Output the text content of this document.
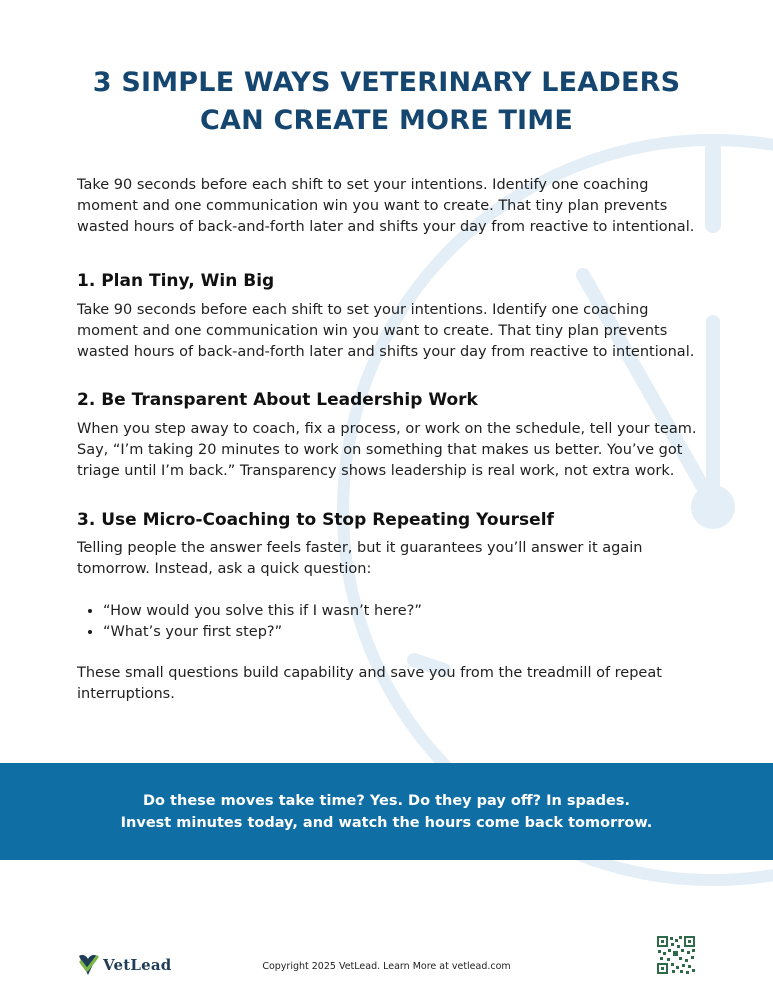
3 SIMPLE WAYS VETERINARY LEADERS
CAN CREATE MORE TIME

Take 90 seconds before each shift to set your intentions. Identify one coaching moment and one communication win you want to create. That tiny plan prevents wasted hours of back-and-forth later and shifts your day from reactive to intentional.

1. Plan Tiny, Win Big

Take 90 seconds before each shift to set your intentions. Identify one coaching moment and one communication win you want to create. That tiny plan prevents wasted hours of back-and-forth later and shifts your day from reactive to intentional.

2. Be Transparent About Leadership Work

When you step away to coach, fix a process, or work on the schedule, tell your team. Say, “I’m taking 20 minutes to work on something that makes us better. You’ve got triage until I’m back.” Transparency shows leadership is real work, not extra work.

3. Use Micro-Coaching to Stop Repeating Yourself

Telling people the answer feels faster, but it guarantees you’ll answer it again tomorrow. Instead, ask a quick question:

• “How would you solve this if I wasn’t here?”
• “What’s your first step?”

These small questions build capability and save you from the treadmill of repeat interruptions.

Do these moves take time? Yes. Do they pay off? In spades.
Invest minutes today, and watch the hours come back tomorrow.
VetLead	Copyright 2025 VetLead. Learn More at vetlead.com
